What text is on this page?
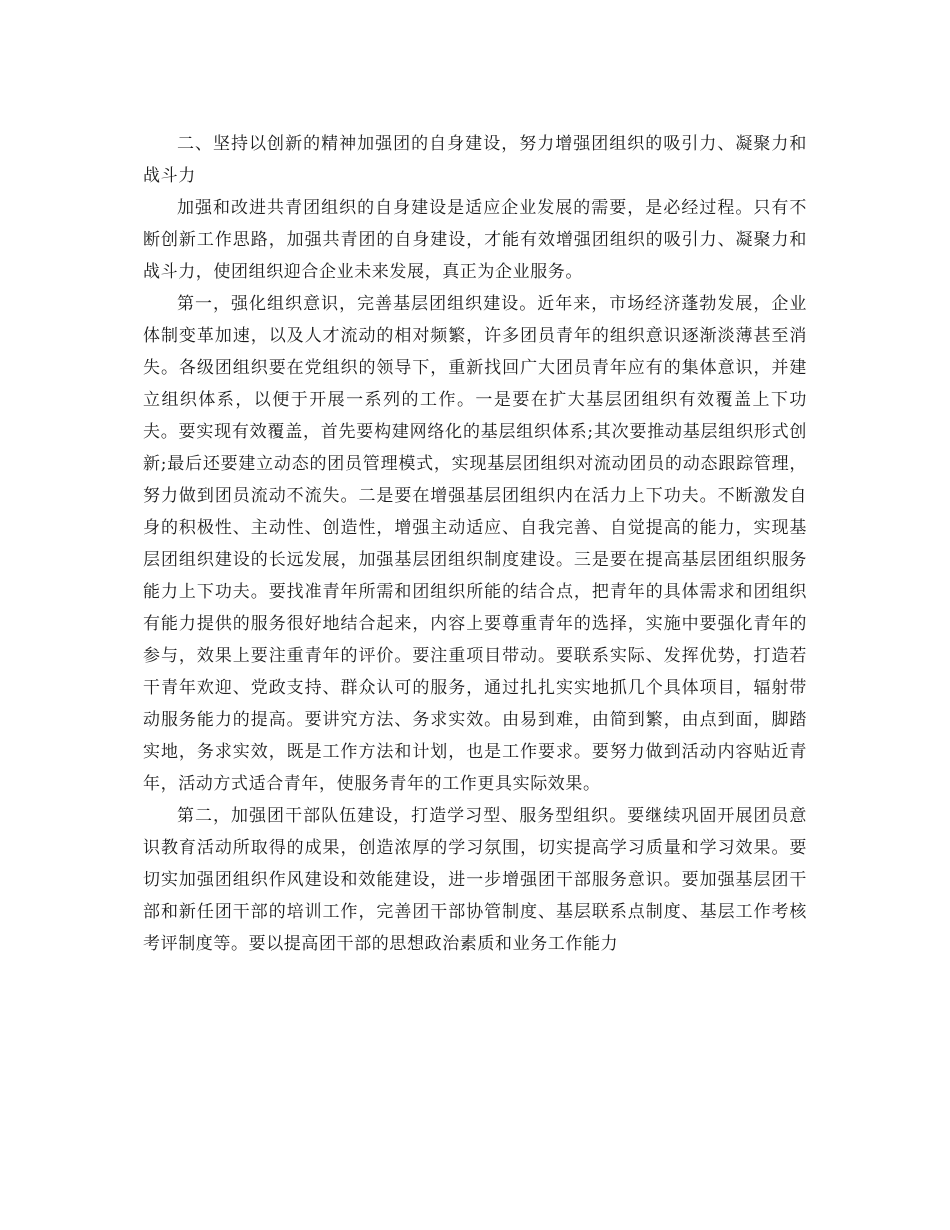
二、坚持以创新的精神加强团的自身建设，努力增强团组织的吸引力、凝聚力和战斗力

加强和改进共青团组织的自身建设是适应企业发展的需要，是必经过程。只有不断创新工作思路，加强共青团的自身建设，才能有效增强团组织的吸引力、凝聚力和战斗力，使团组织迎合企业未来发展，真正为企业服务。

第一，强化组织意识，完善基层团组织建设。近年来，市场经济蓬勃发展，企业体制变革加速，以及人才流动的相对频繁，许多团员青年的组织意识逐渐淡薄甚至消失。各级团组织要在党组织的领导下，重新找回广大团员青年应有的集体意识，并建立组织体系，以便于开展一系列的工作。一是要在扩大基层团组织有效覆盖上下功夫。要实现有效覆盖，首先要构建网络化的基层组织体系;其次要推动基层组织形式创新;最后还要建立动态的团员管理模式，实现基层团组织对流动团员的动态跟踪管理，努力做到团员流动不流失。二是要在增强基层团组织内在活力上下功夫。不断激发自身的积极性、主动性、创造性，增强主动适应、自我完善、自觉提高的能力，实现基层团组织建设的长远发展，加强基层团组织制度建设。三是要在提高基层团组织服务能力上下功夫。要找准青年所需和团组织所能的结合点，把青年的具体需求和团组织有能力提供的服务很好地结合起来，内容上要尊重青年的选择，实施中要强化青年的参与，效果上要注重青年的评价。要注重项目带动。要联系实际、发挥优势，打造若干青年欢迎、党政支持、群众认可的服务，通过扎扎实实地抓几个具体项目，辐射带动服务能力的提高。要讲究方法、务求实效。由易到难，由简到繁，由点到面，脚踏实地，务求实效，既是工作方法和计划，也是工作要求。要努力做到活动内容贴近青年，活动方式适合青年，使服务青年的工作更具实际效果。

第二，加强团干部队伍建设，打造学习型、服务型组织。要继续巩固开展团员意识教育活动所取得的成果，创造浓厚的学习氛围，切实提高学习质量和学习效果。要切实加强团组织作风建设和效能建设，进一步增强团干部服务意识。要加强基层团干部和新任团干部的培训工作，完善团干部协管制度、基层联系点制度、基层工作考核考评制度等。要以提高团干部的思想政治素质和业务工作能力
